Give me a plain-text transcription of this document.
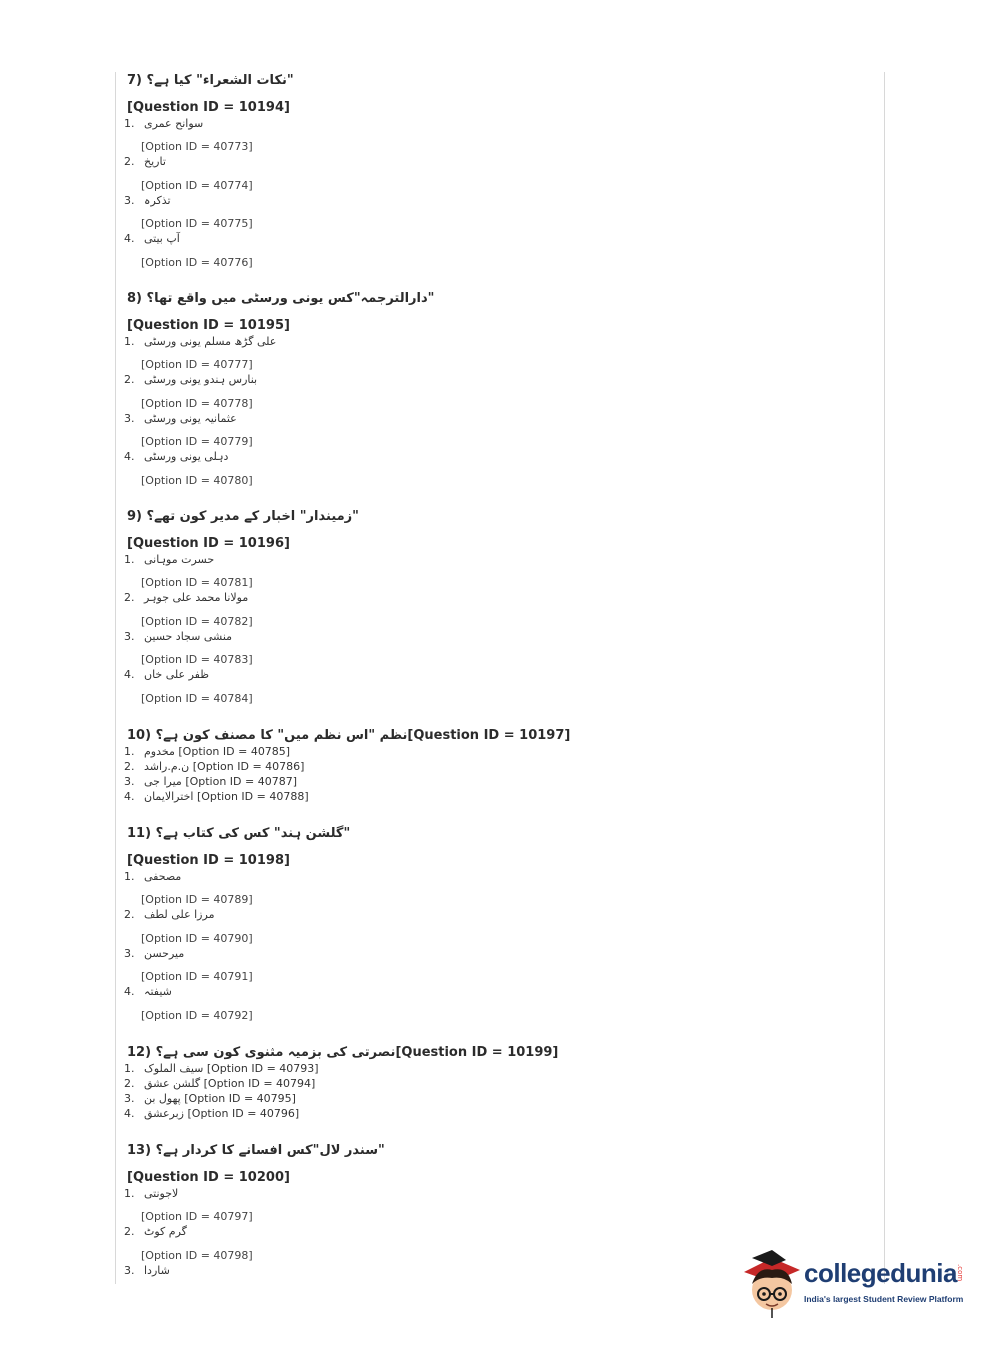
7) "نکات الشعراء" کیا ہے؟
[Question ID = 10194]
1. سوانح عمری
[Option ID = 40773]
2. تاریخ
[Option ID = 40774]
3. تذکرہ
[Option ID = 40775]
4. آپ بیتی
[Option ID = 40776]
8) "دارالترجمہ"کس یونی ورسٹی میں واقع تھا؟
[Question ID = 10195]
1. علی گڑھ مسلم یونی ورسٹی
[Option ID = 40777]
2. بنارس ہندو یونی ورسٹی
[Option ID = 40778]
3. عثمانیہ یونی ورسٹی
[Option ID = 40779]
4. دہلی یونی ورسٹی
[Option ID = 40780]
9) "زمیندار" اخبار کے مدیر کون تھے؟
[Question ID = 10196]
1. حسرت موہانی
[Option ID = 40781]
2. مولانا محمد علی جوہر
[Option ID = 40782]
3. منشی سجاد حسین
[Option ID = 40783]
4. ظفر علی خاں
[Option ID = 40784]
10) نظم "اس نظم میں" کا مصنف کون ہے؟[Question ID = 10197]
1. مخدوم [Option ID = 40785]
2. ن.م.راشد [Option ID = 40786]
3. میرا جی [Option ID = 40787]
4. اخترالایمان [Option ID = 40788]
11) "گلشن ہند" کس کی کتاب ہے؟
[Question ID = 10198]
1. مصحفی
[Option ID = 40789]
2. مرزا علی لطف
[Option ID = 40790]
3. میرحسن
[Option ID = 40791]
4. شیفتہ
[Option ID = 40792]
12) نصرتی کی بزمیہ مثنوی کون سی ہے؟[Question ID = 10199]
1. سیف الملوک [Option ID = 40793]
2. گلشن عشق [Option ID = 40794]
3. پھول بن [Option ID = 40795]
4. زبرعشق [Option ID = 40796]
13) "سندر لال"کس افسانے کا کردار ہے؟
[Question ID = 10200]
1. لاجونتی
[Option ID = 40797]
2. گرم کوٹ
[Option ID = 40798]
3. شاردا	collegedunia .com
India's largest Student Review Platform
